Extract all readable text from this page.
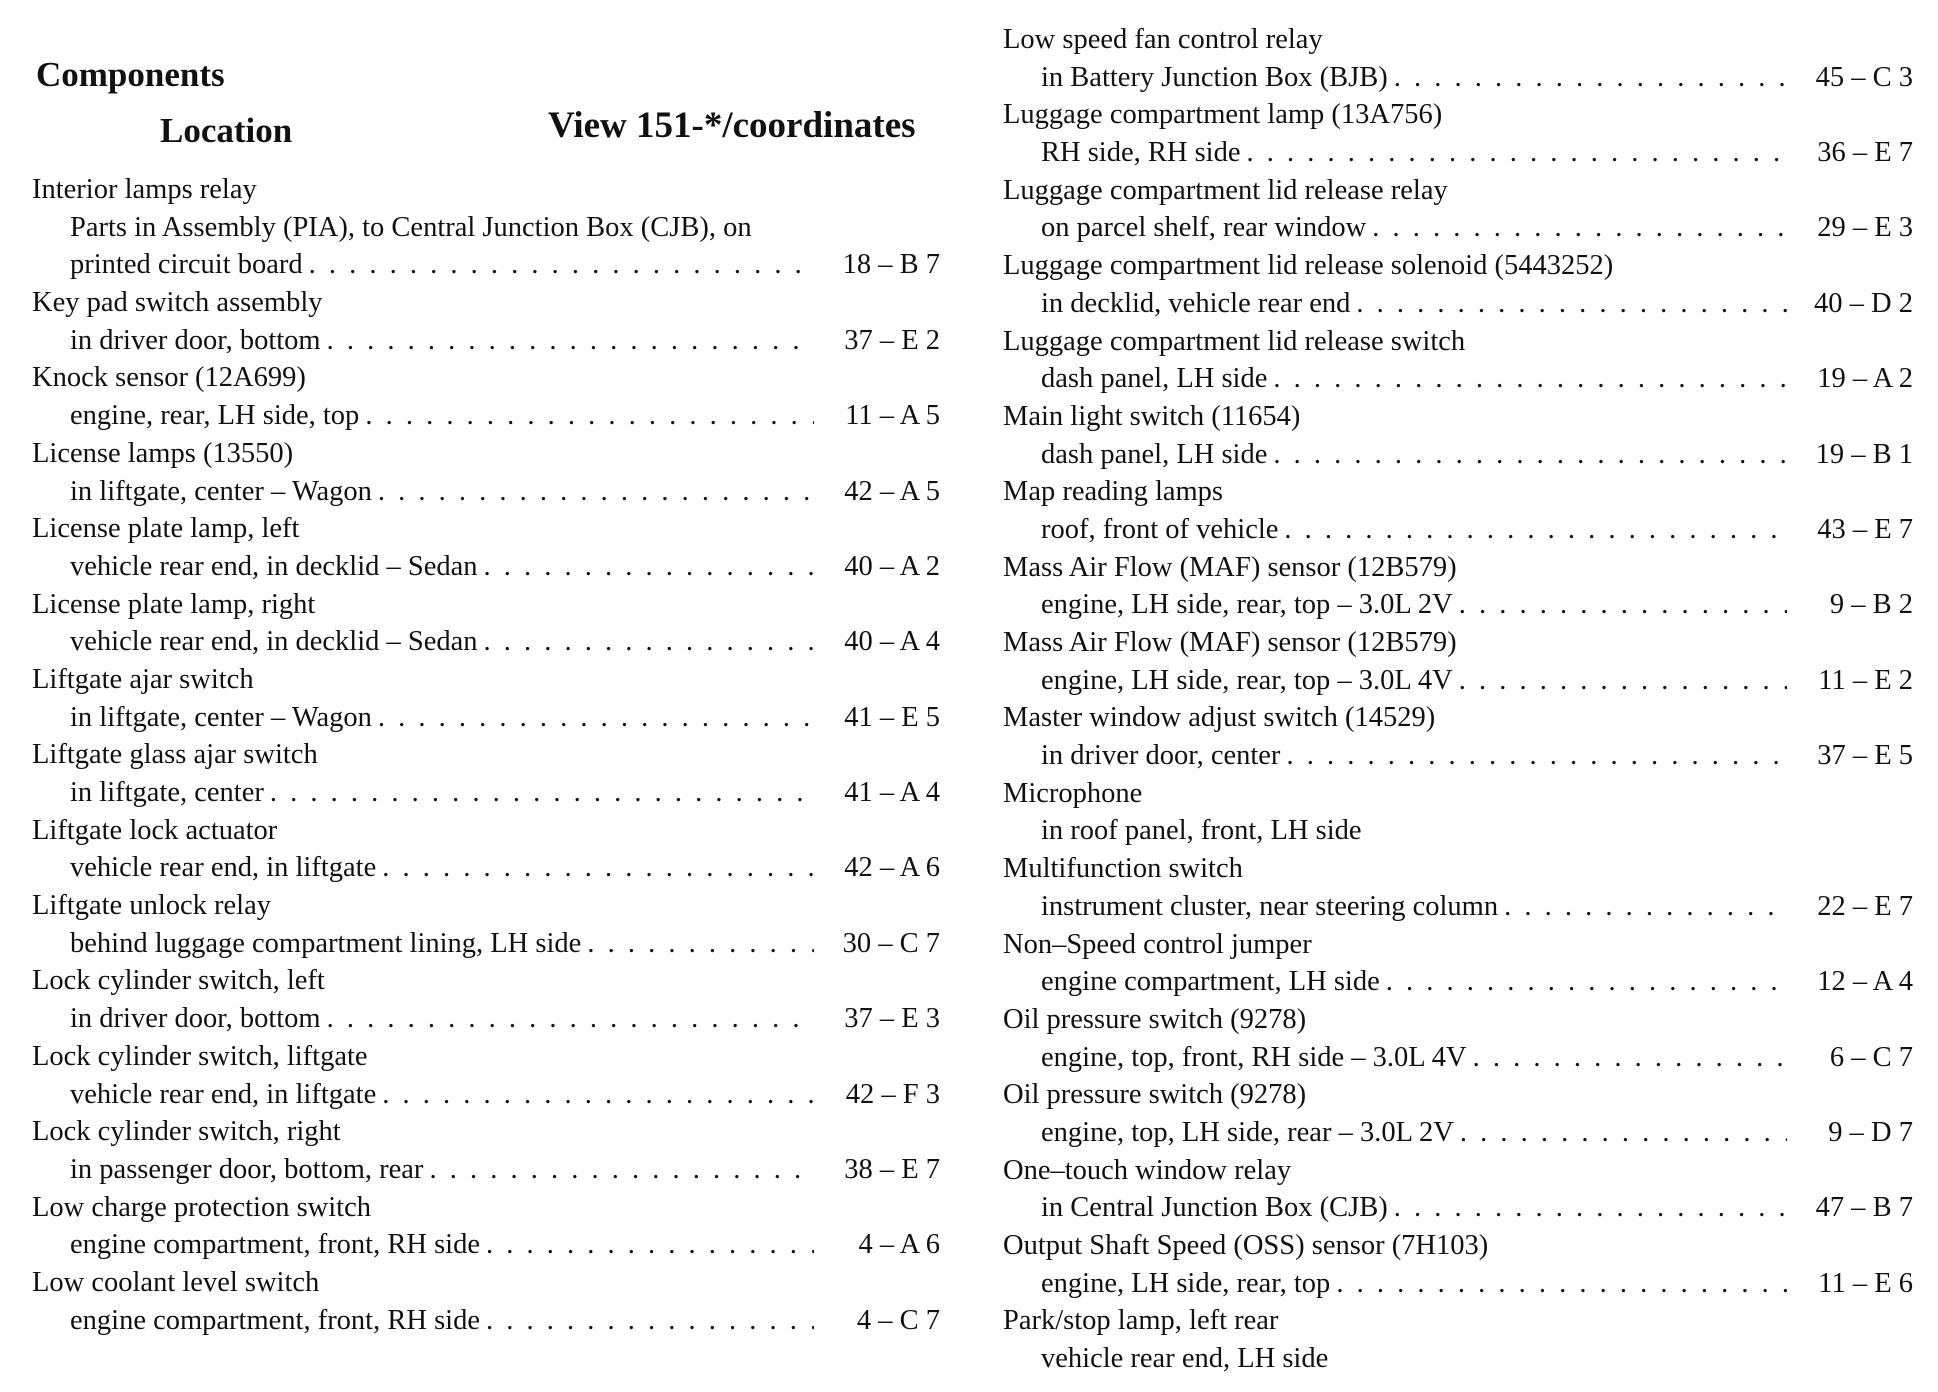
Components
Location	View 151-*/coordinates
Interior lamps relay
Parts in Assembly (PIA), to Central Junction Box (CJB), on
printed circuit board . . .	18 – B 7
Key pad switch assembly
in driver door, bottom . . .	37 – E 2
Knock sensor (12A699)
engine, rear, LH side, top . . .	11 – A 5
License lamps (13550)
in liftgate, center – Wagon . . .	42 – A 5
License plate lamp, left
vehicle rear end, in decklid – Sedan . . .	40 – A 2
License plate lamp, right
vehicle rear end, in decklid – Sedan . . .	40 – A 4
Liftgate ajar switch
in liftgate, center – Wagon . . .	41 – E 5
Liftgate glass ajar switch
in liftgate, center . . .	41 – A 4
Liftgate lock actuator
vehicle rear end, in liftgate . . .	42 – A 6
Liftgate unlock relay
behind luggage compartment lining, LH side . . .	30 – C 7
Lock cylinder switch, left
in driver door, bottom . . .	37 – E 3
Lock cylinder switch, liftgate
vehicle rear end, in liftgate . . .	42 – F 3
Lock cylinder switch, right
in passenger door, bottom, rear . . .	38 – E 7
Low charge protection switch
engine compartment, front, RH side . . .	4 – A 6
Low coolant level switch
engine compartment, front, RH side . . .	4 – C 7
Low speed fan control relay
in Battery Junction Box (BJB) . . .	45 – C 3
Luggage compartment lamp (13A756)
RH side, RH side . . .	36 – E 7
Luggage compartment lid release relay
on parcel shelf, rear window . . .	29 – E 3
Luggage compartment lid release solenoid (5443252)
in decklid, vehicle rear end . . .	40 – D 2
Luggage compartment lid release switch
dash panel, LH side . . .	19 – A 2
Main light switch (11654)
dash panel, LH side . . .	19 – B 1
Map reading lamps
roof, front of vehicle . . .	43 – E 7
Mass Air Flow (MAF) sensor (12B579)
engine, LH side, rear, top – 3.0L 2V . . .	9 – B 2
Mass Air Flow (MAF) sensor (12B579)
engine, LH side, rear, top – 3.0L 4V . . .	11 – E 2
Master window adjust switch (14529)
in driver door, center . . .	37 – E 5
Microphone
in roof panel, front, LH side
Multifunction switch
instrument cluster, near steering column . . .	22 – E 7
Non–Speed control jumper
engine compartment, LH side . . .	12 – A 4
Oil pressure switch (9278)
engine, top, front, RH side – 3.0L 4V . . .	6 – C 7
Oil pressure switch (9278)
engine, top, LH side, rear – 3.0L 2V . . .	9 – D 7
One–touch window relay
in Central Junction Box (CJB) . . .	47 – B 7
Output Shaft Speed (OSS) sensor (7H103)
engine, LH side, rear, top . . .	11 – E 6
Park/stop lamp, left rear
vehicle rear end, LH side
